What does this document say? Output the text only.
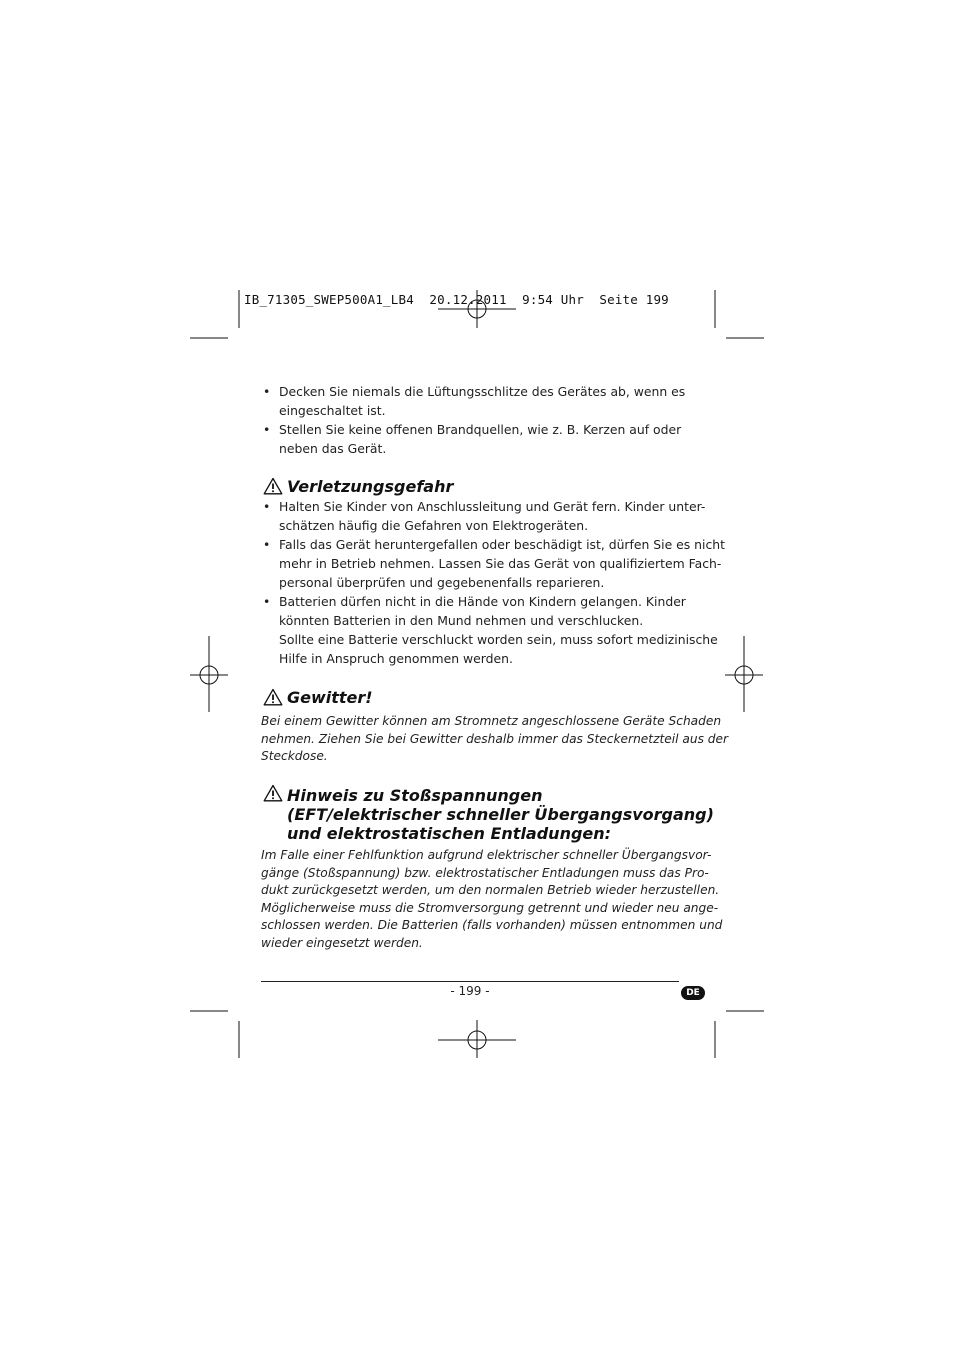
IB_71305_SWEP500A1_LB4  20.12.2011  9:54 Uhr  Seite 199
• Decken Sie niemals die Lüftungsschlitze des Gerätes ab, wenn es
eingeschaltet ist.
• Stellen Sie keine offenen Brandquellen, wie z. B. Kerzen auf oder
neben das Gerät.
Verletzungsgefahr
• Halten Sie Kinder von Anschlussleitung und Gerät fern. Kinder unter-
schätzen häufig die Gefahren von Elektrogeräten.
• Falls das Gerät heruntergefallen oder beschädigt ist, dürfen Sie es nicht
mehr in Betrieb nehmen. Lassen Sie das Gerät von qualifiziertem Fach-
personal überprüfen und gegebenenfalls reparieren.
• Batterien dürfen nicht in die Hände von Kindern gelangen. Kinder
könnten Batterien in den Mund nehmen und verschlucken.
Sollte eine Batterie verschluckt worden sein, muss sofort medizinische
Hilfe in Anspruch genommen werden.
Gewitter!
Bei einem Gewitter können am Stromnetz angeschlossene Geräte Schaden
nehmen. Ziehen Sie bei Gewitter deshalb immer das Steckernetzteil aus der
Steckdose.
Hinweis zu Stoßspannungen
(EFT/elektrischer schneller Übergangsvorgang)
und elektrostatischen Entladungen:
Im Falle einer Fehlfunktion aufgrund elektrischer schneller Übergangsvor-
gänge (Stoßspannung) bzw. elektrostatischer Entladungen muss das Pro-
dukt zurückgesetzt werden, um den normalen Betrieb wieder herzustellen.
Möglicherweise muss die Stromversorgung getrennt und wieder neu ange-
schlossen werden. Die Batterien (falls vorhanden) müssen entnommen und
wieder eingesetzt werden.
- 199 -	DE
